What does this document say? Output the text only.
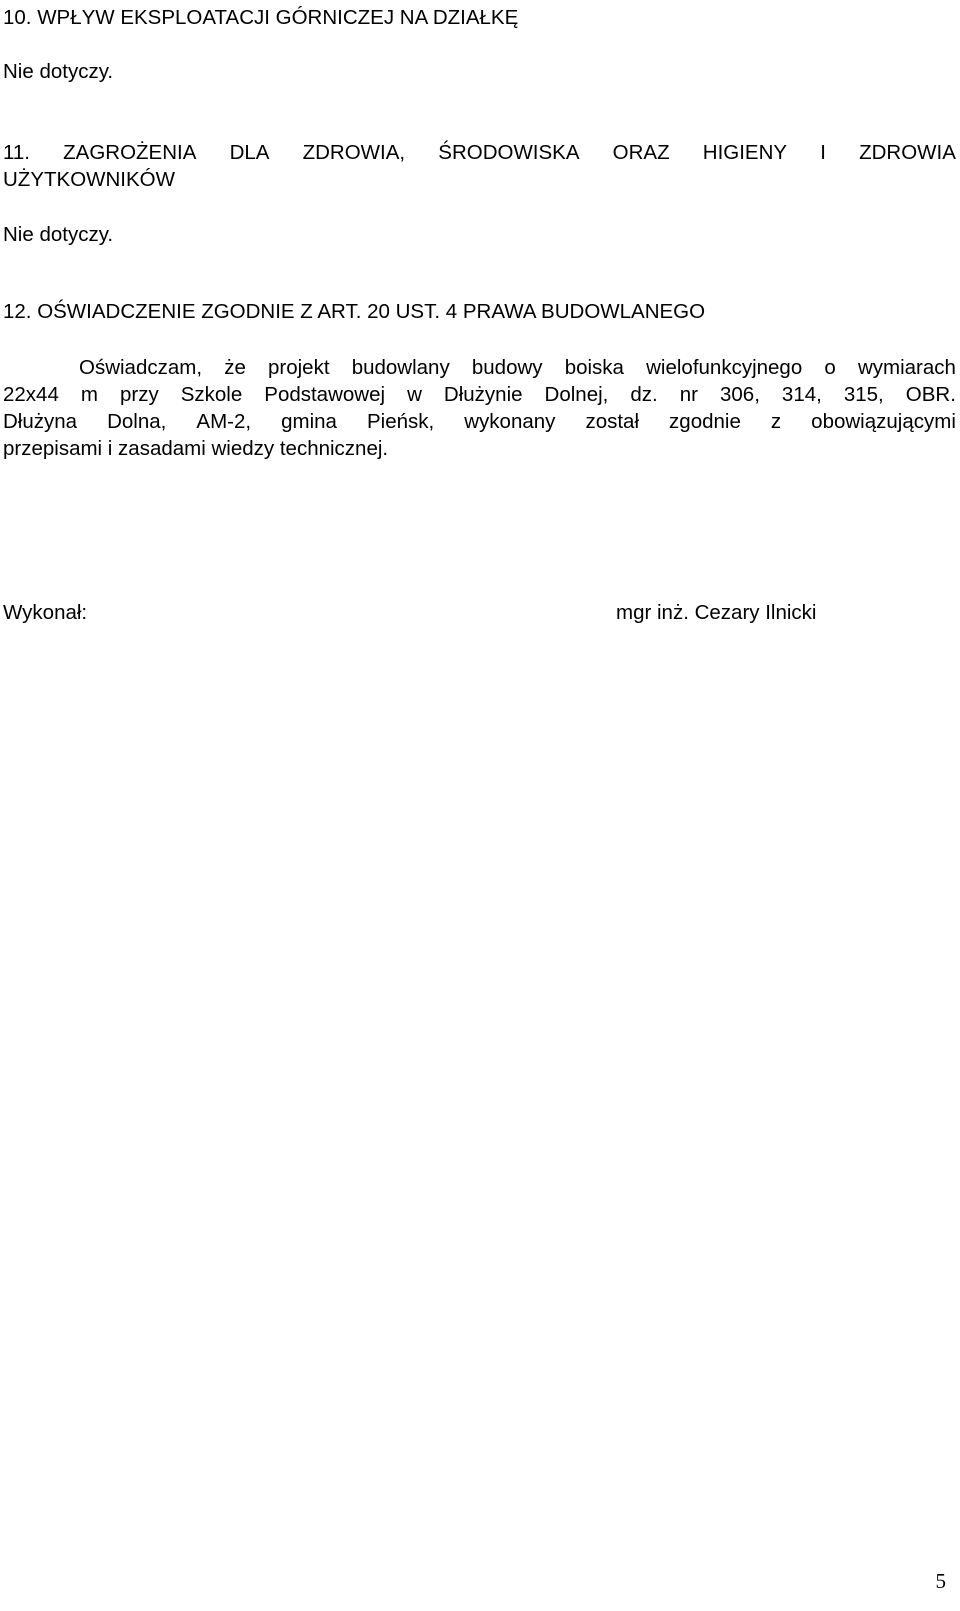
10. WPŁYW EKSPLOATACJI GÓRNICZEJ NA DZIAŁKĘ
Nie dotyczy.
11. ZAGROŻENIA DLA ZDROWIA, ŚRODOWISKA ORAZ HIGIENY I ZDROWIA
UŻYTKOWNIKÓW
Nie dotyczy.
12. OŚWIADCZENIE ZGODNIE Z ART. 20 UST. 4 PRAWA BUDOWLANEGO
Oświadczam, że projekt budowlany budowy boiska wielofunkcyjnego o wymiarach
22x44 m przy Szkole Podstawowej w Dłużynie Dolnej, dz. nr 306, 314, 315, OBR.
Dłużyna Dolna, AM-2, gmina Pieńsk, wykonany został zgodnie z obowiązującymi
przepisami i zasadami wiedzy technicznej.
Wykonał:	mgr inż. Cezary Ilnicki
5
